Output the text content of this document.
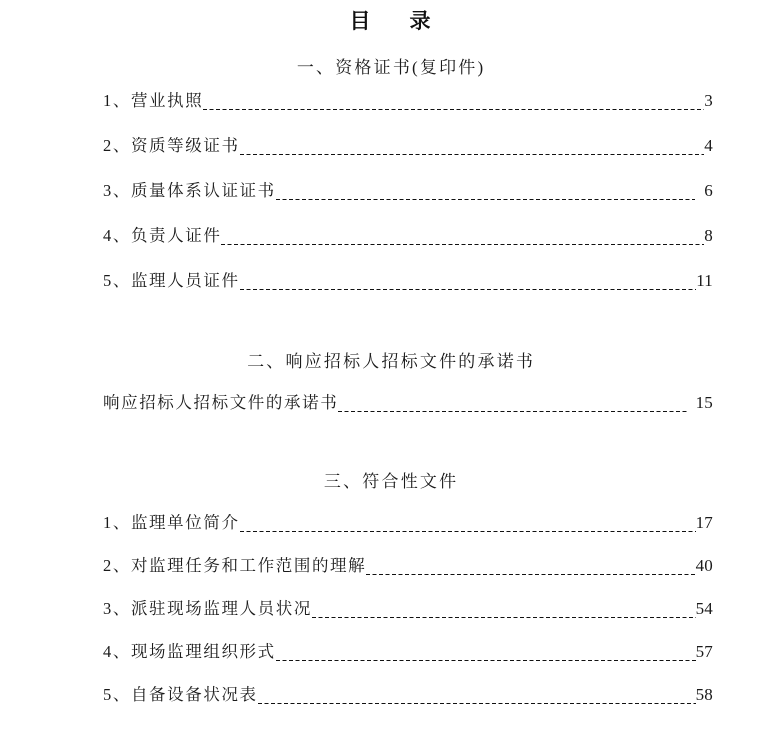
目　录
一、资格证书(复印件)
1、营业执照	3
2、资质等级证书	4
3、质量体系认证证书	6
4、负责人证件	8
5、监理人员证件	11
二、响应招标人招标文件的承诺书
响应招标人招标文件的承诺书	15
三、符合性文件
1、监理单位简介	17
2、对监理任务和工作范围的理解	40
3、派驻现场监理人员状况	54
4、现场监理组织形式	57
5、自备设备状况表	58
